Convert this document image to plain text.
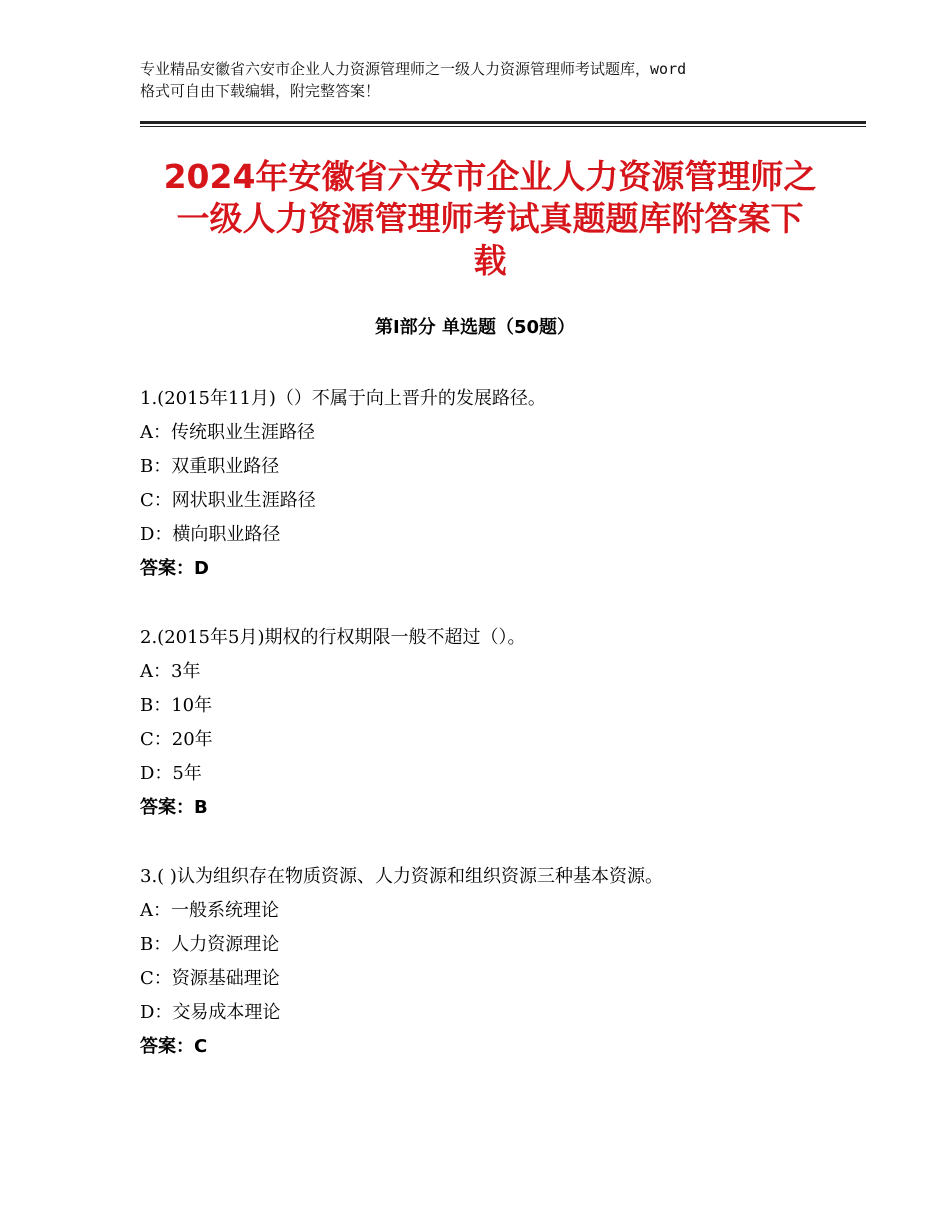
专业精品安徽省六安市企业人力资源管理师之一级人力资源管理师考试题库，word
格式可自由下载编辑，附完整答案！
2024年安徽省六安市企业人力资源管理师之
一级人力资源管理师考试真题题库附答案下
载
第Ⅰ部分 单选题（50题）
1.(2015年11月)（）不属于向上晋升的发展路径。
A：传统职业生涯路径
B：双重职业路径
C：网状职业生涯路径
D：横向职业路径
答案：D
2.(2015年5月)期权的行权期限一般不超过（）。
A：3年
B：10年
C：20年
D：5年
答案：B
3.( )认为组织存在物质资源、人力资源和组织资源三种基本资源。
A：一般系统理论
B：人力资源理论
C：资源基础理论
D：交易成本理论
答案：C
